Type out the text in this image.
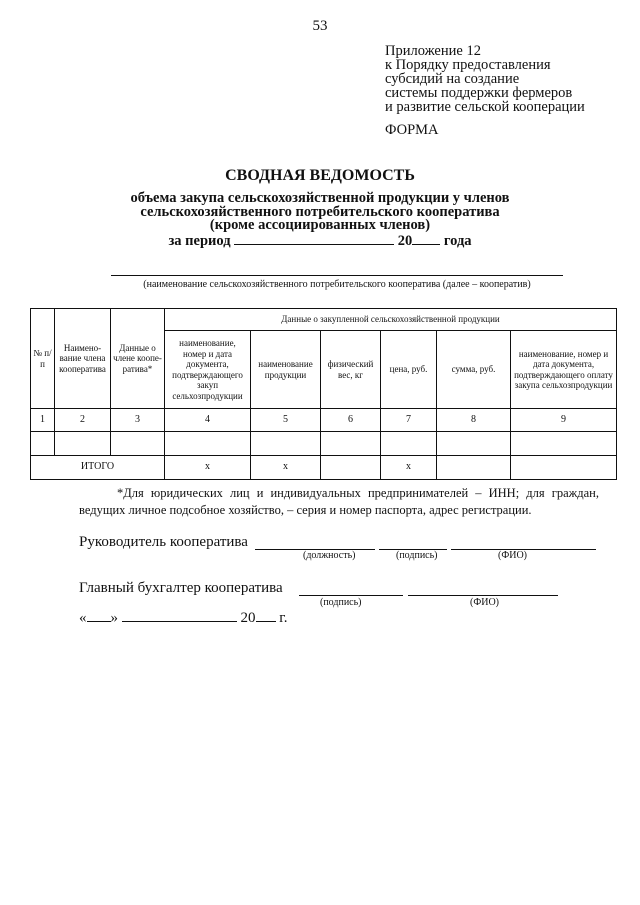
53
Приложение 12
к Порядку предоставления
субсидий на создание
системы поддержки фермеров
и развитие сельской кооперации
ФОРМА
СВОДНАЯ ВЕДОМОСТЬ
объема закупа сельскохозяйственной продукции у членов
сельскохозяйственного потребительского кооператива
(кроме ассоциированных членов)
за период	20 года
(наименование сельскохозяйственного потребительского кооператива (далее – кооператив)
№ п/п	Наимено-вание члена кооператива	Данные о члене коопе-ратива*	Данные о закупленной сельскохозяйственной продукции					
			наименование, номер и дата документа, подтверждающего закуп сельхозпродукции	наименование продукции	физический вес, кг	цена, руб.	сумма, руб.	наименование, номер и дата документа, подтверждающего оплату закупа сельхозпродукции
1	2	3	4	5	6	7	8	9

ИТОГО			x	x		x		
*Для юридических лиц и индивидуальных предпринимателей – ИНН; для граждан, ведущих личное подсобное хозяйство, – серия и номер паспорта, адрес регистрации.
Руководитель кооператива
(должность)	(подпись)	(ФИО)
Главный бухгалтер кооператива
(подпись)	(ФИО)
« »	20 г.
